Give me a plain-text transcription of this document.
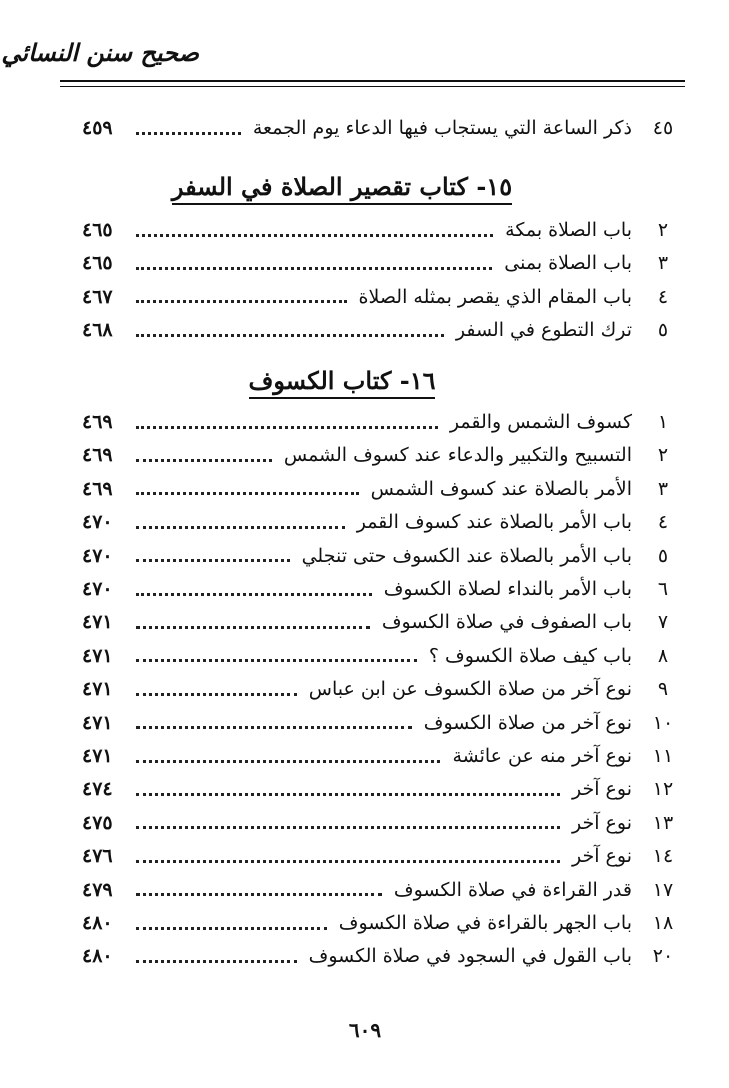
صحيح سنن النسائي
٤٥
ذكر الساعة التي يستجاب فيها الدعاء يوم الجمعة
٤٥٩
١٥- كتاب تقصير الصلاة في السفر
٢
باب الصلاة بمكة
٤٦٥
٣
باب الصلاة بمنى
٤٦٥
٤
باب المقام الذي يقصر بمثله الصلاة
٤٦٧
٥
ترك التطوع في السفر
٤٦٨
١٦- كتاب الكسوف
١
كسوف الشمس والقمر
٤٦٩
٢
التسبيح والتكبير والدعاء عند كسوف الشمس
٤٦٩
٣
الأمر بالصلاة عند كسوف الشمس
٤٦٩
٤
باب الأمر بالصلاة عند كسوف القمر
٤٧٠
٥
باب الأمر بالصلاة عند الكسوف حتى تنجلي
٤٧٠
٦
باب الأمر بالنداء لصلاة الكسوف
٤٧٠
٧
باب الصفوف في صلاة الكسوف
٤٧١
٨
باب كيف صلاة الكسوف ؟
٤٧١
٩
نوع آخر من صلاة الكسوف عن ابن عباس
٤٧١
١٠
نوع آخر من صلاة الكسوف
٤٧١
١١
نوع آخر منه عن عائشة
٤٧١
١٢
نوع آخر
٤٧٤
١٣
نوع آخر
٤٧٥
١٤
نوع آخر
٤٧٦
١٧
قدر القراءة في صلاة الكسوف
٤٧٩
١٨
باب الجهر بالقراءة في صلاة الكسوف
٤٨٠
٢٠
باب القول في السجود في صلاة الكسوف
٤٨٠
٦٠٩
